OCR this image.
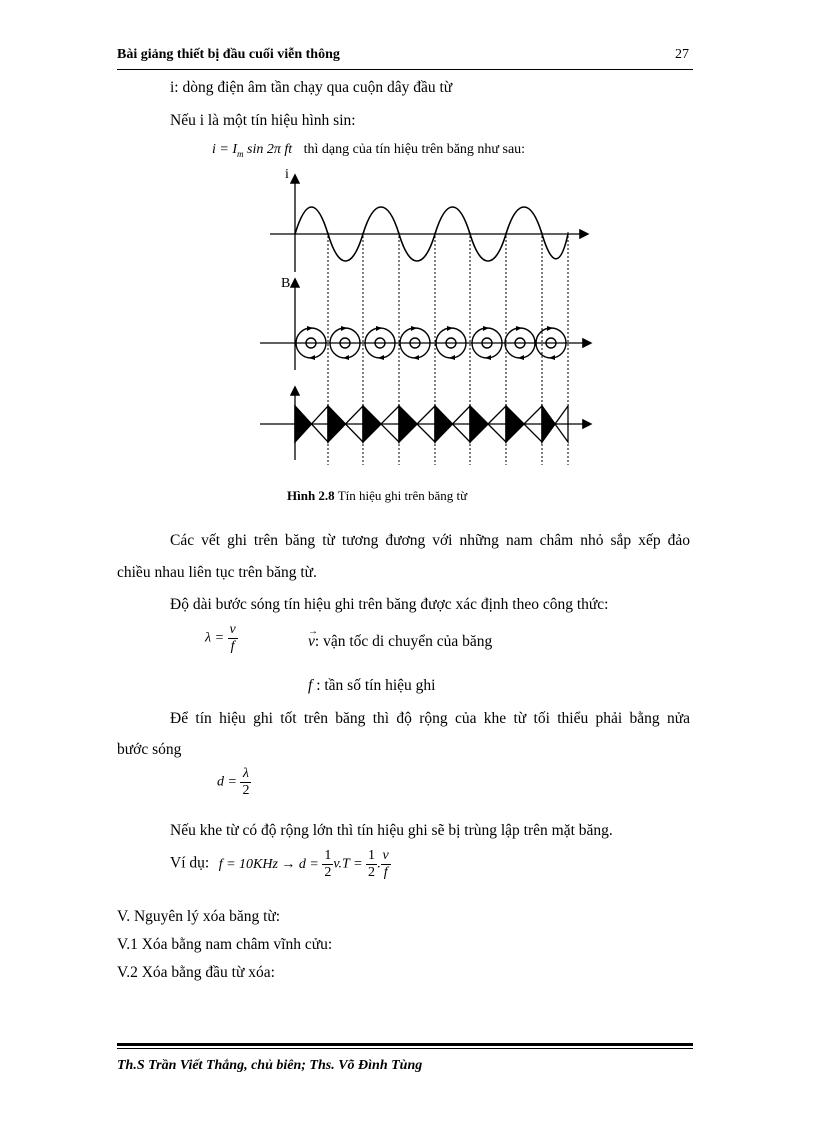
Bài giảng thiết bị đầu cuối viễn thông	27
i: dòng điện âm tần chạy qua cuộn dây đầu từ
Nếu i là một tín hiệu hình sin:
$i = I_m$ sin 2π ft thì dạng của tín hiệu trên băng như sau:
i
B
Hình 2.8 Tín hiệu ghi trên băng từ
Các vết ghi trên băng từ tương đương với những nam châm nhỏ sắp xếp đảo
chiều nhau liên tục trên băng từ.
Độ dài bước sóng tín hiệu ghi trên băng được xác định theo công thức:
$\lambda = \frac{v}{f}$	→
v: vận tốc di chuyển của băng
f : tần số tín hiệu ghi
Để tín hiệu ghi tốt trên băng thì độ rộng của khe từ tối thiểu phải bằng nửa
bước sóng
$d = \frac{\lambda}{2}$
Nếu khe từ có độ rộng lớn thì tín hiệu ghi sẽ bị trùng lập trên mặt băng.
Ví dụ: $f = 10KHz \to d = \frac{1}{2} v.T = \frac{1}{2}$ . $\frac{v}{f}$
V. Nguyên lý xóa băng từ:
V.1 Xóa bằng nam châm vĩnh cửu:
V.2 Xóa bằng đầu từ xóa:
Th.S Trần Viết Thắng, chủ biên; Ths. Võ Đình Tùng
